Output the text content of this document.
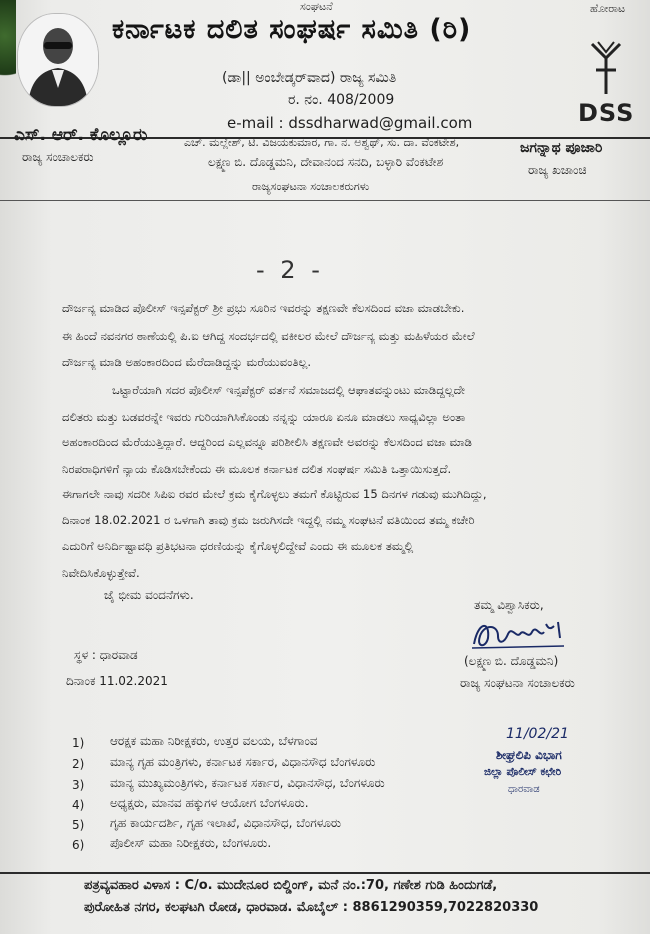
ಸಂಘಟನೆ	ಹೋರಾಟ
ಕರ್ನಾಟಕ ದಲಿತ ಸಂಘರ್ಷ ಸಮಿತಿ (ರಿ)
(ಡಾ|| ಅಂಬೇಡ್ಕರ್‌ವಾದ) ರಾಜ್ಯ ಸಮಿತಿ
ರ. ನಂ. 408/2009
e-mail : dssdharwad@gmail.com	DSS
ಎಸ್. ಆರ್. ಕೊಲ್ಲೂರು
ರಾಜ್ಯ ಸಂಚಾಲಕರು
ಎಚ್. ಮಲ್ಲೇಶ್, ಟಿ. ವಿಜಯಕುಮಾರ, ಗಾ. ನ. ಅಶ್ವಥ್, ಸು. ದಾ. ವೆಂಕಟೇಶ,
ಲಕ್ಷ್ಮಣ ಬಿ. ದೊಡ್ಡಮನಿ, ದೇವಾನಂದ ಸನದಿ, ಬಳ್ಳಾರಿ ವೆಂಕಟೇಶ
ರಾಜ್ಯಸಂಘಟನಾ ಸಂಚಾಲಕರುಗಳು
ಜಗನ್ನಾಥ ಪೂಜಾರಿ
ರಾಜ್ಯ ಖಜಾಂಚಿ
- 2 -
ದೌರ್ಜನ್ಯ ಮಾಡಿದ ಪೊಲೀಸ್ ಇನ್ಸಪೆಕ್ಟರ್ ಶ್ರೀ ಪ್ರಭು ಸೂರಿನ ಇವರನ್ನು ತಕ್ಷಣವೇ ಕೆಲಸದಿಂದ ವಜಾ ಮಾಡಬೇಕು.
ಈ ಹಿಂದೆ ನವನಗರ ಠಾಣೆಯಲ್ಲಿ ಪಿ.ಐ ಆಗಿದ್ದ ಸಂದರ್ಭದಲ್ಲಿ ವಕೀಲರ ಮೇಲೆ ದೌರ್ಜನ್ಯ ಮತ್ತು ಮಹಿಳೆಯರ ಮೇಲೆ
ದೌರ್ಜನ್ಯ ಮಾಡಿ ಅಹಂಕಾರದಿಂದ ಮೆರೆದಾಡಿದ್ದನ್ನು ಮರೆಯುವಂತಿಲ್ಲ.
ಒಟ್ಟಾರೆಯಾಗಿ ಸದರ ಪೊಲೀಸ್ ಇನ್ಸಪೆಕ್ಟರ್ ವರ್ತನೆ ಸಮಾಜದಲ್ಲಿ ಆಘಾತವನ್ನುಂಟು ಮಾಡಿದ್ದಲ್ಲದೇ
ದಲಿತರು ಮತ್ತು ಬಡವರನ್ನೇ ಇವರು ಗುರಿಯಾಗಿಸಿಕೊಂಡು ನನ್ನನ್ನು ಯಾರೂ ಏನೂ ಮಾಡಲು ಸಾಧ್ಯವಿಲ್ಲಾ ಅಂತಾ
ಅಹಂಕಾರದಿಂದ ಮೆರೆಯುತ್ತಿದ್ದಾರೆ. ಆದ್ದರಿಂದ ಎಲ್ಲವನ್ನೂ ಪರಿಶೀಲಿಸಿ ತಕ್ಷಣವೇ ಅವರನ್ನು ಕೆಲಸದಿಂದ ವಜಾ ಮಾಡಿ
ನಿರಪರಾಧಿಗಳಿಗೆ ನ್ಯಾಯ ಕೊಡಿಸಬೇಕೆಂದು ಈ ಮೂಲಕ ಕರ್ನಾಟಕ ದಲಿತ ಸಂಘರ್ಷ ಸಮಿತಿ ಒತ್ತಾಯಿಸುತ್ತದೆ.
ಈಗಾಗಲೇ ನಾವು ಸದರೀ ಸಿಪಿಐ ರವರ ಮೇಲೆ ಕ್ರಮ ಕೈಗೊಳ್ಳಲು ತಮಗೆ ಕೊಟ್ಟಿರುವ 15 ದಿನಗಳ ಗಡುವು ಮುಗಿದಿದ್ದು,
ದಿನಾಂಕ 18.02.2021 ರ ಒಳಗಾಗಿ ತಾವು ಕ್ರಮ ಜರುಗಿಸದೇ ಇದ್ದಲ್ಲಿ ನಮ್ಮ ಸಂಘಟನೆ ವತಿಯಿಂದ ತಮ್ಮ ಕಚೇರಿ
ಎದುರಿಗೆ ಅನಿರ್ದಿಷ್ಟಾವಧಿ ಪ್ರತಿಭಟನಾ ಧರಣಿಯನ್ನು ಕೈಗೊಳ್ಳಲಿದ್ದೇವೆ ಎಂದು ಈ ಮೂಲಕ ತಮ್ಮಲ್ಲಿ
ನಿವೇದಿಸಿಕೊಳ್ಳುತ್ತೇವೆ.
ಜೈ ಭೀಮ ವಂದನೆಗಳು.
ತಮ್ಮ ವಿಶ್ವಾಸಿಕರು,
(ಲಕ್ಷ್ಮಣ ಬಿ. ದೊಡ್ಡಮನಿ)
ರಾಜ್ಯ ಸಂಘಟನಾ ಸಂಚಾಲಕರು
ಸ್ಥಳ : ಧಾರವಾಡ
ದಿನಾಂಕ 11.02.2021
11/02/21
ಶೀಘ್ರಲಿಪಿ ವಿಭಾಗ
ಜಿಲ್ಲಾ ಪೊಲೀಸ್ ಕಛೇರಿ
ಧಾರವಾಡ
1) ಆರಕ್ಷಕ ಮಹಾ ನಿರೀಕ್ಷಕರು, ಉತ್ತರ ವಲಯ, ಬೆಳಗಾಂವ
2) ಮಾನ್ಯ ಗೃಹ ಮಂತ್ರಿಗಳು, ಕರ್ನಾಟಕ ಸರ್ಕಾರ, ವಿಧಾನಸೌಧ ಬೆಂಗಳೂರು
3) ಮಾನ್ಯ ಮುಖ್ಯಮಂತ್ರಿಗಳು, ಕರ್ನಾಟಕ ಸರ್ಕಾರ, ವಿಧಾನಸೌಧ, ಬೆಂಗಳೂರು
4) ಅಧ್ಯಕ್ಷರು, ಮಾನವ ಹಕ್ಕುಗಳ ಆಯೋಗ ಬೆಂಗಳೂರು.
5) ಗೃಹ ಕಾರ್ಯದರ್ಶಿ, ಗೃಹ ಇಲಾಖೆ, ವಿಧಾನಸೌಧ, ಬೆಂಗಳೂರು
6) ಪೊಲೀಸ್ ಮಹಾ ನಿರೀಕ್ಷಕರು, ಬೆಂಗಳೂರು.
ಪತ್ರವ್ಯವಹಾರ ವಿಳಾಸ : C/o. ಮುದೇನೂರ ಬಿಲ್ಡಿಂಗ್, ಮನೆ ನಂ.:70, ಗಣೇಶ ಗುಡಿ ಹಿಂದುಗಡೆ,
ಪುರೋಹಿತ ನಗರ, ಕಲಘಟಗಿ ರೋಡ, ಧಾರವಾಡ. ಮೊಬೈಲ್ : 8861290359,7022820330
